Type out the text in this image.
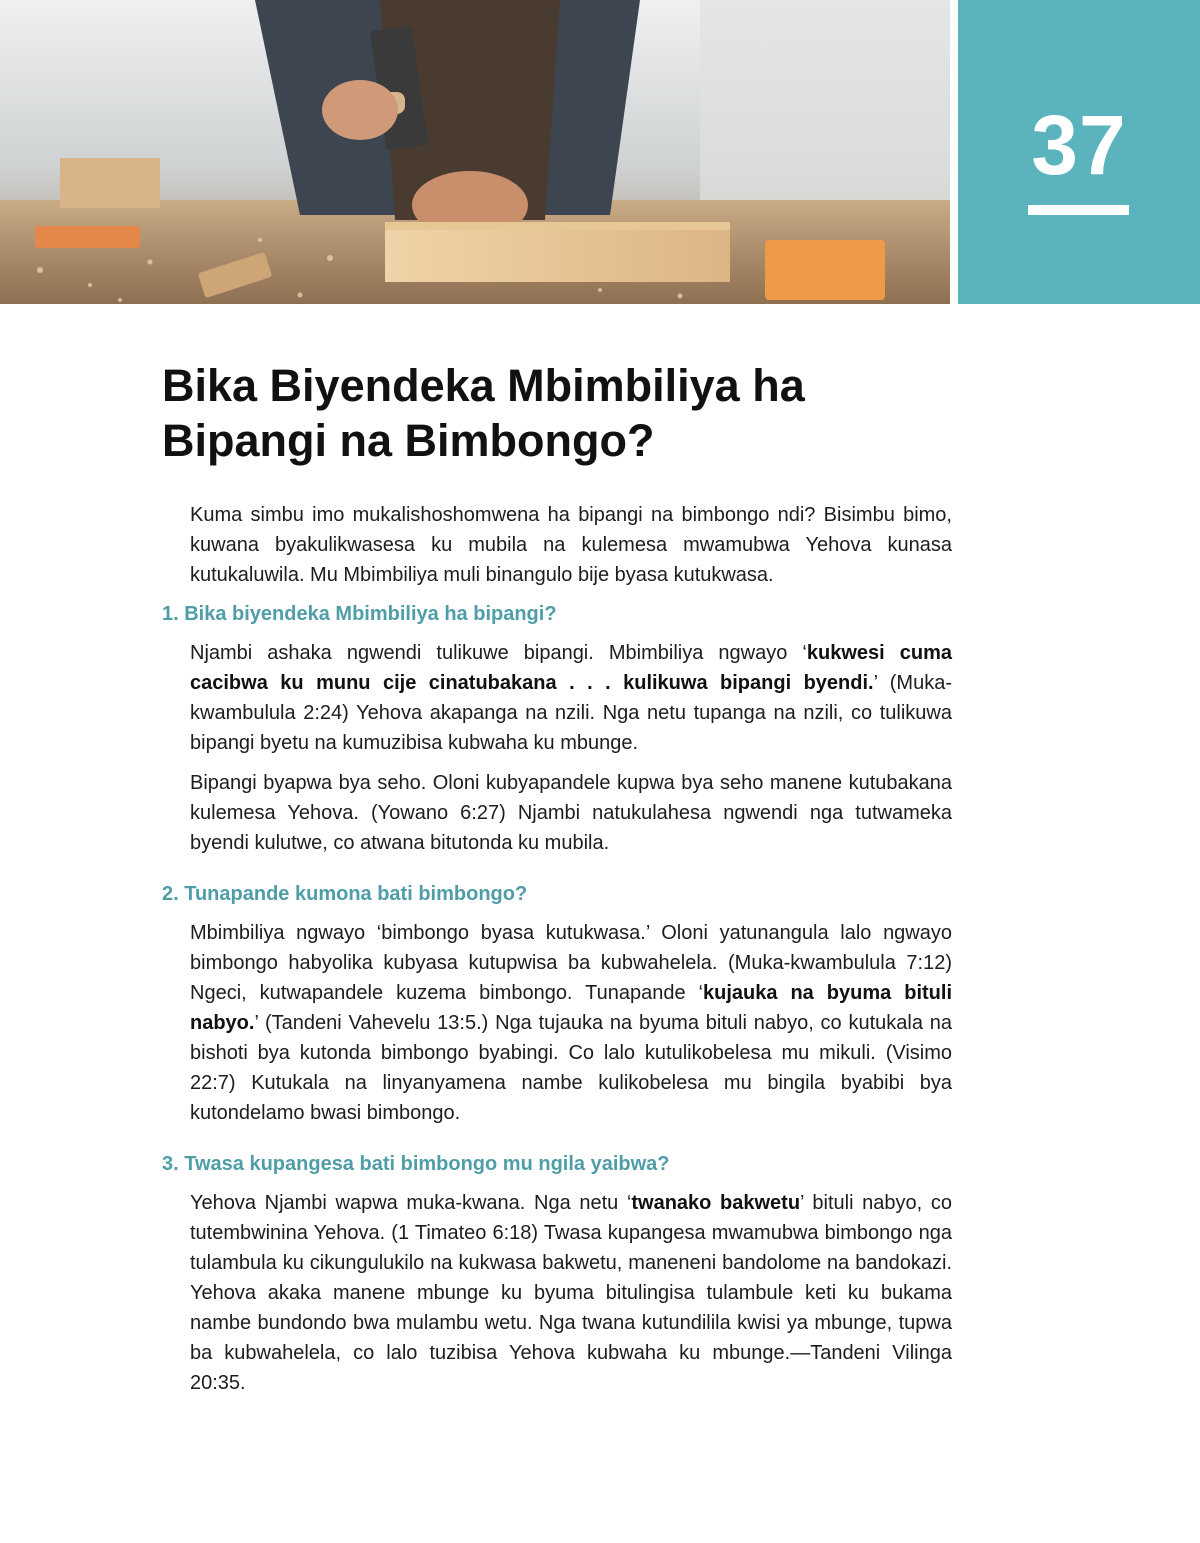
37
Bika Biyendeka Mbimbiliya ha Bipangi na Bimbongo?

Kuma simbu imo mukalishoshomwena ha bipangi na bimbongo ndi? Bisimbu bimo, kuwana byakulikwasesa ku mubila na kulemesa mwamubwa Yehova kunasa kutukaluwila. Mu Mbimbiliya muli binangulo bije byasa kutukwasa.

1. Bika biyendeka Mbimbiliya ha bipangi?

Njambi ashaka ngwendi tulikuwe bipangi. Mbimbiliya ngwayo ‘kukwesi cuma cacibwa ku munu cije cinatubakana . . . kulikuwa bipangi byendi.’ (Muka-kwambulula 2:24) Yehova akapanga na nzili. Nga netu tupanga na nzili, co tulikuwa bipangi byetu na kumuzibisa kubwaha ku mbunge.

Bipangi byapwa bya seho. Oloni kubyapandele kupwa bya seho manene kutubakana kulemesa Yehova. (Yowano 6:27) Njambi natukulahesa ngwendi nga tutwameka byendi kulutwe, co atwana bitutonda ku mubila.

2. Tunapande kumona bati bimbongo?

Mbimbiliya ngwayo ‘bimbongo byasa kutukwasa.’ Oloni yatunangula lalo ngwayo bimbongo habyolika kubyasa kutupwisa ba kubwahelela. (Muka-kwambulula 7:12) Ngeci, kutwapandele kuzema bimbongo. Tunapande ‘kujauka na byuma bituli nabyo.’ (Tandeni Vahevelu 13:5.) Nga tujauka na byuma bituli nabyo, co kutukala na bishoti bya kutonda bimbongo byabingi. Co lalo kutulikobelesa mu mikuli. (Visimo 22:7) Kutukala na linyanyamena nambe kulikobelesa mu bingila byabibi bya kutondelamo bwasi bimbongo.

3. Twasa kupangesa bati bimbongo mu ngila yaibwa?

Yehova Njambi wapwa muka-kwana. Nga netu ‘twanako bakwetu’ bituli nabyo, co tutembwinina Yehova. (1 Timateo 6:18) Twasa kupangesa mwamubwa bimbongo nga tulambula ku cikungulukilo na kukwasa bakwetu, maneneni bandolome na bandokazi. Yehova akaka manene mbunge ku byuma bitulingisa tulambule keti ku bukama nambe bundondo bwa mulambu wetu. Nga twana kutundilila kwisi ya mbunge, tupwa ba kubwahelela, co lalo tuzibisa Yehova kubwaha ku mbunge.—Tandeni Vilinga 20:35.
